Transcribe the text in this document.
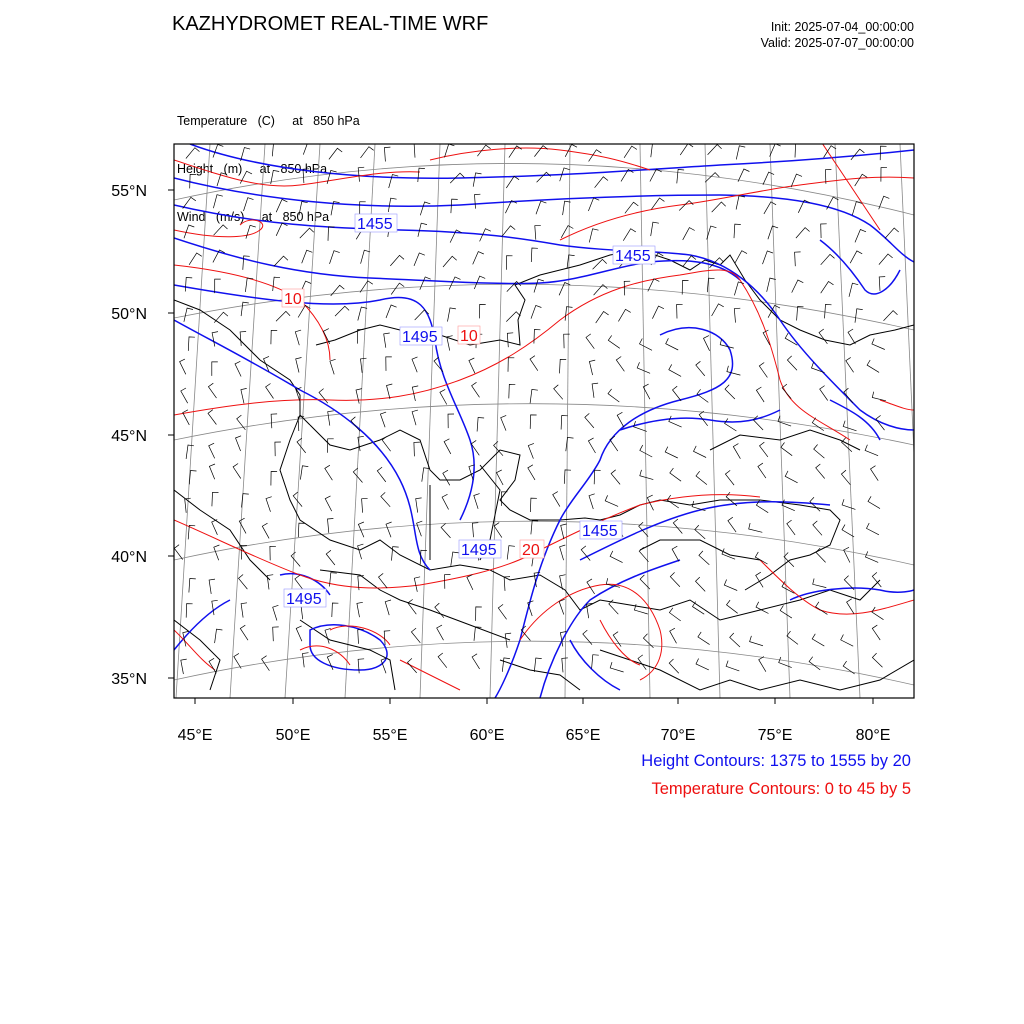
KAZHYDROMET REAL-TIME WRF	Init: 2025-07-04_00:00:00
Valid: 2025-07-07_00:00:00

Temperature   (C)     at   850 hPa

Height   (m)     at   850 hPa

Wind   (m/s)     at   850 hPa	1455
1455
1495
1495
1455
1495
10
10
20
55°N
50°N
45°N
40°N
35°N
45°E	50°E	55°E	60°E	65°E	70°E	75°E	80°E
Height Contours: 1375 to 1555 by 20
Temperature Contours: 0 to 45 by 5
